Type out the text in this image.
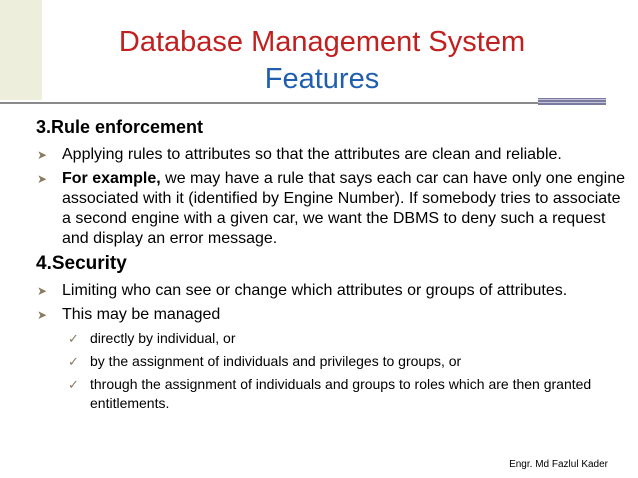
Database Management System
Features
3.Rule enforcement
➤ Applying rules to attributes so that the attributes are clean and reliable.
➤ For example, we may have a rule that says each car can have only one engine associated with it (identified by Engine Number). If somebody tries to associate a second engine with a given car, we want the DBMS to deny such a request and display an error message.
4.Security
➤ Limiting who can see or change which attributes or groups of attributes.
➤ This may be managed
✓ directly by individual, or
✓ by the assignment of individuals and privileges to groups, or
✓ through the assignment of individuals and groups to roles which are then granted entitlements.
Engr. Md Fazlul Kader
